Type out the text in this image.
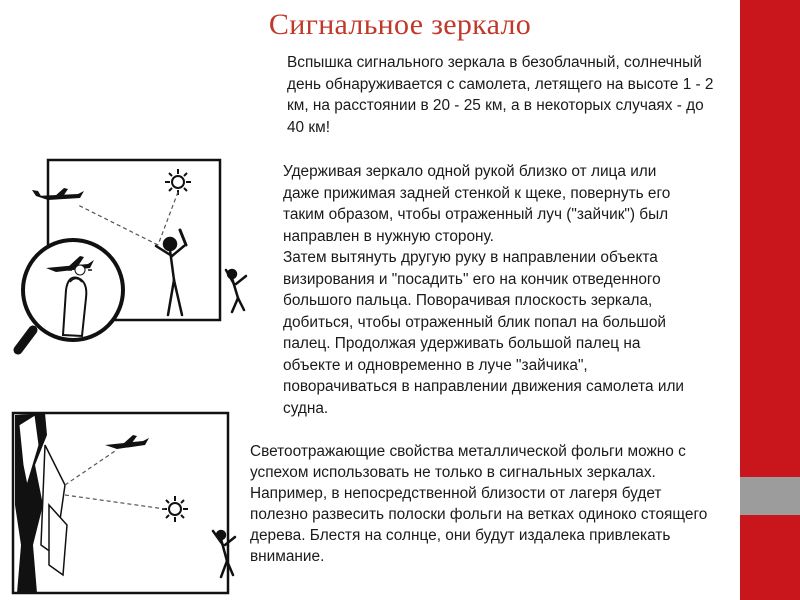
Сигнальное зеркало
Вспышка сигнального зеркала в безоблачный, солнечный
день обнаруживается с самолета, летящего на высоте 1 - 2
км, на расстоянии в 20 - 25 км, а в некоторых случаях - до
40 км!
Удерживая зеркало одной рукой близко от лица или
даже прижимая задней стенкой к щеке, повернуть его
таким образом, чтобы отраженный луч ("зайчик") был
направлен в нужную сторону.
Затем вытянуть другую руку в направлении объекта
визирования и "посадить" его на кончик отведенного
большого пальца. Поворачивая плоскость зеркала,
добиться, чтобы отраженный блик попал на большой
палец. Продолжая удерживать большой палец на
объекте и одновременно в луче "зайчика",
поворачиваться в направлении движения самолета или
судна.
Светоотражающие свойства металлической фольги можно с
успехом использовать не только в сигнальных зеркалах.
Например, в непосредственной близости от лагеря будет
полезно развесить полоски фольги на ветках одиноко стоящего
дерева. Блестя на солнце, они будут издалека привлекать
внимание.
